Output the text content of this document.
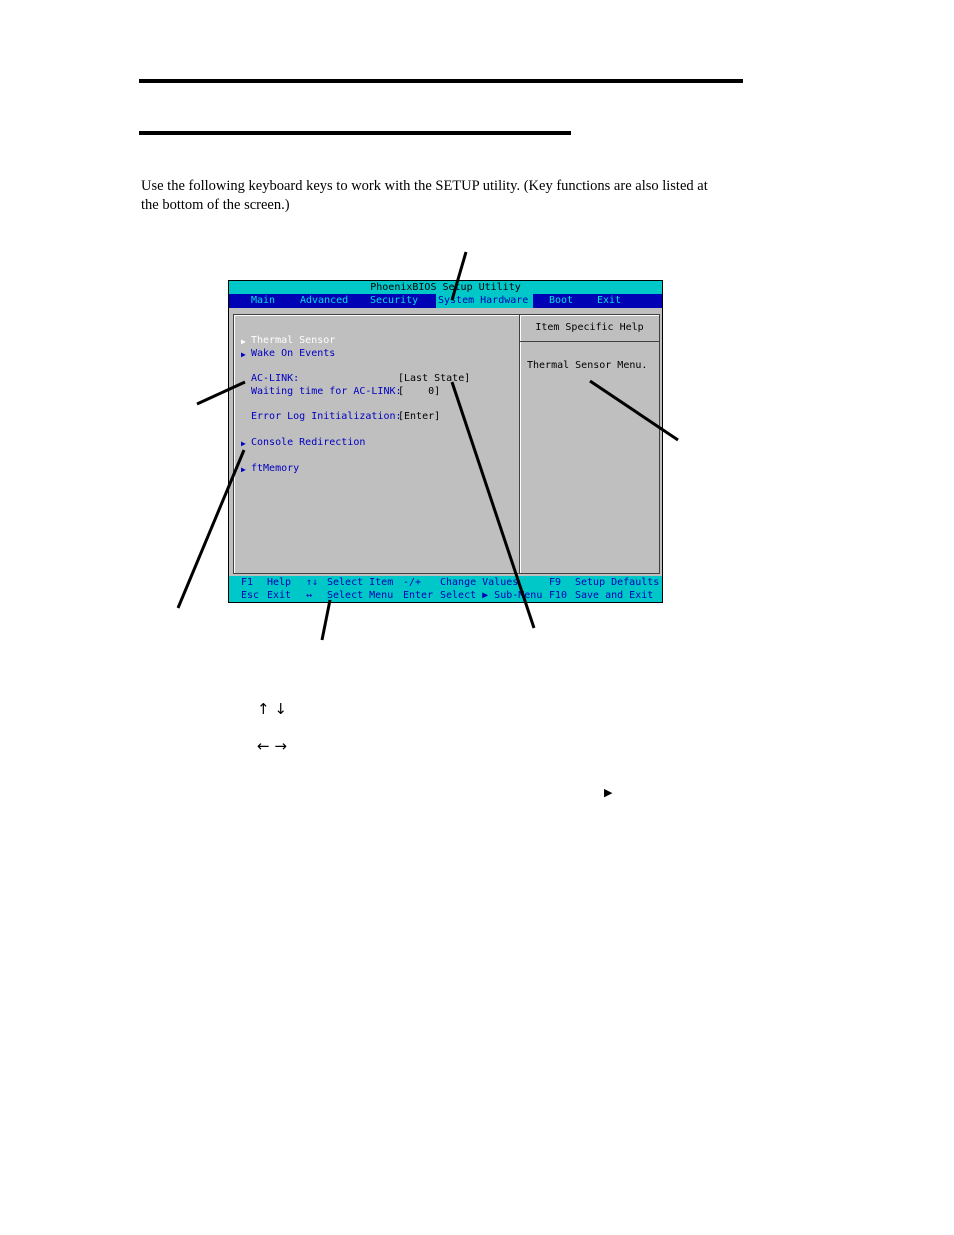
Use the following keyboard keys to work with the SETUP utility. (Key functions are also listed at
the bottom of the screen.)
PhoenixBIOS Setup Utility
Main Advanced Security System Hardware	Boot Exit
▶ Thermal Sensor
▶ Wake On Events
AC-LINK:	[Last State]
Waiting time for AC-LINK:
[    0]
Error Log Initialization:
[Enter]
▶ Console Redirection
▶ ftMemory
Item Specific Help
Thermal Sensor Menu.
F1 Help
Esc Exit
↑↓ Select Item
↔ Select Menu
-/+ Change Values
Enter Select ▶ Sub-Menu
F9 Setup Defaults
F10 Save and Exit
↑ ↓
← →
▶
